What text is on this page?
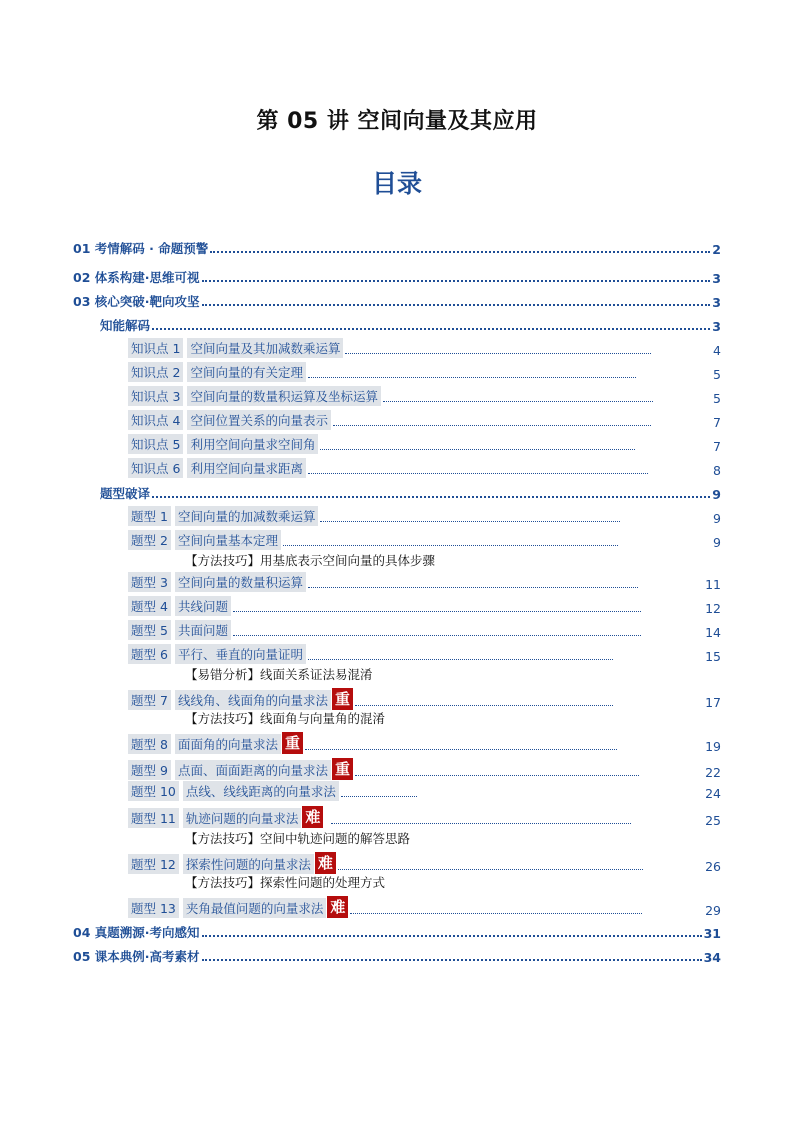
第 05 讲 空间向量及其应用
目录
01 考情解码 · 命题预警	2
02 体系构建·思维可视	3
03 核心突破·靶向攻坚	3
知能解码	3
知识点 1 空间向量及其加减数乘运算	4
知识点 2 空间向量的有关定理	5
知识点 3 空间向量的数量积运算及坐标运算	5
知识点 4 空间位置关系的向量表示	7
知识点 5 利用空间向量求空间角	7
知识点 6 利用空间向量求距离	8
题型破译	9
题型 1 空间向量的加减数乘运算	9
题型 2 空间向量基本定理	9
【方法技巧】用基底表示空间向量的具体步骤
题型 3 空间向量的数量积运算	11
题型 4 共线问题	12
题型 5 共面问题	14
题型 6 平行、垂直的向量证明	15
【易错分析】线面关系证法易混淆
题型 7 线线角、线面角的向量求法 重	17
【方法技巧】线面角与向量角的混淆
题型 8 面面角的向量求法 重	19
题型 9 点面、面面距离的向量求法 重	22
题型 10 点线、线线距离的向量求法	24
题型 11 轨迹问题的向量求法 难	25
【方法技巧】空间中轨迹问题的解答思路
题型 12 探索性问题的向量求法 难	26
【方法技巧】探索性问题的处理方式
题型 13 夹角最值问题的向量求法 难	29
04 真题溯源·考向感知	31
05 课本典例·高考素材	34
